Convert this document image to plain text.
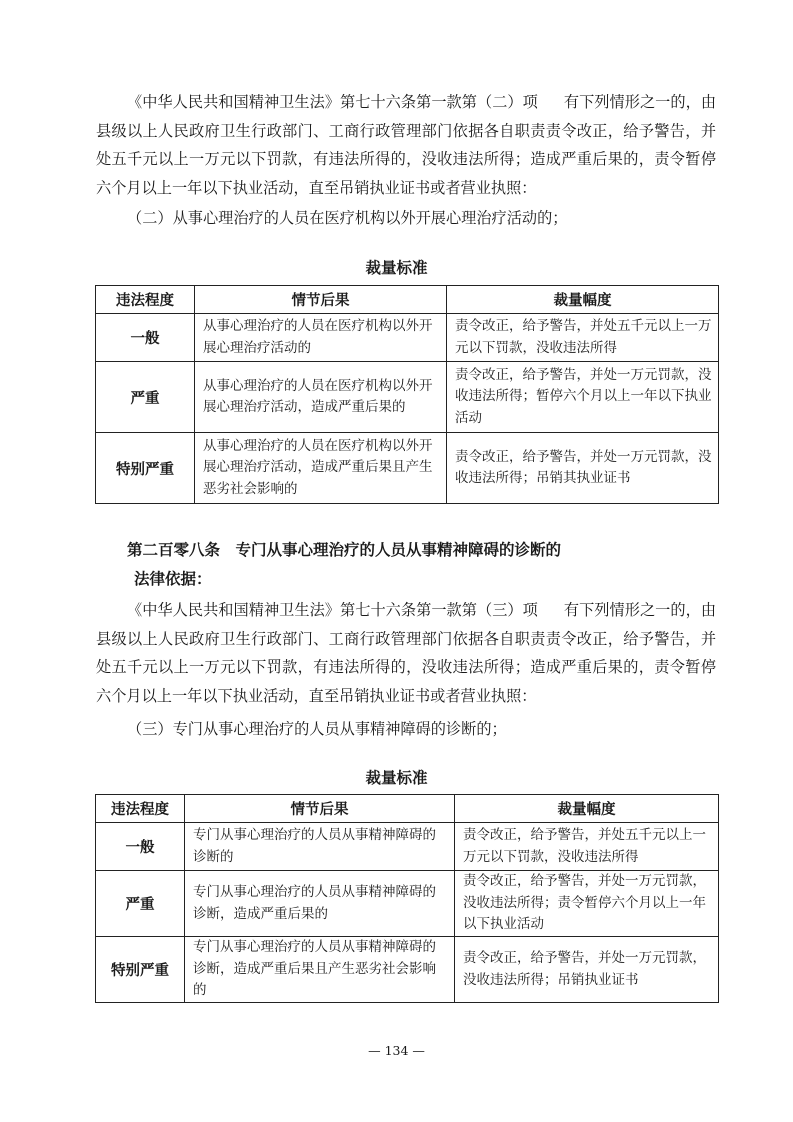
《中华人民共和国精神卫生法》第七十六条第一款第（二）项 有下列情形之一的，由县级以上人民政府卫生行政部门、工商行政管理部门依据各自职责责令改正，给予警告，并处五千元以上一万元以下罚款，有违法所得的，没收违法所得；造成严重后果的，责令暂停六个月以上一年以下执业活动，直至吊销执业证书或者营业执照：
（二）从事心理治疗的人员在医疗机构以外开展心理治疗活动的；
裁量标准
违法程度	情节后果	裁量幅度
一般	从事心理治疗的人员在医疗机构以外开展心理治疗活动的	责令改正，给予警告，并处五千元以上一万元以下罚款，没收违法所得
严重	从事心理治疗的人员在医疗机构以外开展心理治疗活动，造成严重后果的	责令改正，给予警告，并处一万元罚款，没收违法所得；暂停六个月以上一年以下执业活动
特别严重	从事心理治疗的人员在医疗机构以外开展心理治疗活动，造成严重后果且产生恶劣社会影响的	责令改正，给予警告，并处一万元罚款，没收违法所得；吊销其执业证书
第二百零八条　专门从事心理治疗的人员从事精神障碍的诊断的
法律依据：
《中华人民共和国精神卫生法》第七十六条第一款第（三）项 有下列情形之一的，由县级以上人民政府卫生行政部门、工商行政管理部门依据各自职责责令改正，给予警告，并处五千元以上一万元以下罚款，有违法所得的，没收违法所得；造成严重后果的，责令暂停六个月以上一年以下执业活动，直至吊销执业证书或者营业执照：
（三）专门从事心理治疗的人员从事精神障碍的诊断的；
裁量标准
违法程度	情节后果	裁量幅度
一般	专门从事心理治疗的人员从事精神障碍的诊断的	责令改正，给予警告，并处五千元以上一万元以下罚款，没收违法所得
严重	专门从事心理治疗的人员从事精神障碍的诊断，造成严重后果的	责令改正，给予警告，并处一万元罚款，没收违法所得；责令暂停六个月以上一年以下执业活动
特别严重	专门从事心理治疗的人员从事精神障碍的诊断，造成严重后果且产生恶劣社会影响的	责令改正，给予警告，并处一万元罚款，没收违法所得；吊销执业证书
— 134 —
